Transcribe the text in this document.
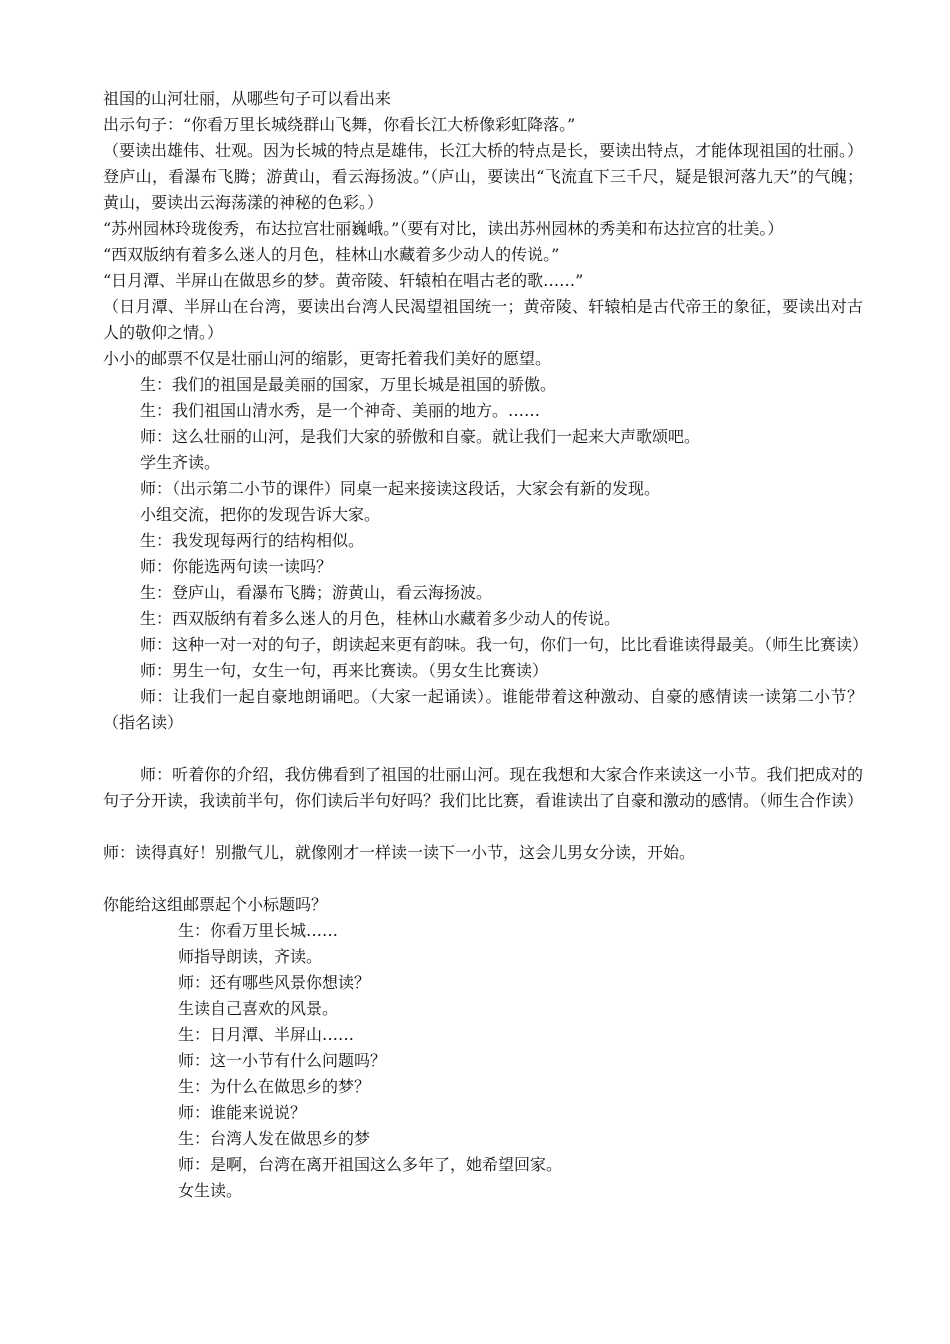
祖国的山河壮丽，从哪些句子可以看出来

出示句子：“你看万里长城绕群山飞舞，你看长江大桥像彩虹降落。”

（要读出雄伟、壮观。因为长城的特点是雄伟，长江大桥的特点是长，要读出特点，才能体现祖国的壮丽。）

登庐山，看瀑布飞腾；游黄山，看云海扬波。”（庐山，要读出“飞流直下三千尺，疑是银河落九天”的气魄；黄山，要读出云海荡漾的神秘的色彩。）

“苏州园林玲珑俊秀，布达拉宫壮丽巍峨。”（要有对比，读出苏州园林的秀美和布达拉宫的壮美。）

“西双版纳有着多么迷人的月色，桂林山水藏着多少动人的传说。”

“日月潭、半屏山在做思乡的梦。黄帝陵、轩辕柏在唱古老的歌……”

（日月潭、半屏山在台湾，要读出台湾人民渴望祖国统一；黄帝陵、轩辕柏是古代帝王的象征，要读出对古人的敬仰之情。）

小小的邮票不仅是壮丽山河的缩影，更寄托着我们美好的愿望。

生：我们的祖国是最美丽的国家，万里长城是祖国的骄傲。

生：我们祖国山清水秀，是一个神奇、美丽的地方。……

师：这么壮丽的山河，是我们大家的骄傲和自豪。就让我们一起来大声歌颂吧。

学生齐读。

师：（出示第二小节的课件）同桌一起来接读这段话，大家会有新的发现。

小组交流，把你的发现告诉大家。

生：我发现每两行的结构相似。

师：你能选两句读一读吗？

生：登庐山，看瀑布飞腾；游黄山，看云海扬波。

生：西双版纳有着多么迷人的月色，桂林山水藏着多少动人的传说。

师：这种一对一对的句子，朗读起来更有韵味。我一句，你们一句，比比看谁读得最美。（师生比赛读）

师：男生一句，女生一句，再来比赛读。（男女生比赛读）

师：让我们一起自豪地朗诵吧。（大家一起诵读）。谁能带着这种激动、自豪的感情读一读第二小节？（指名读）

师：听着你的介绍，我仿佛看到了祖国的壮丽山河。现在我想和大家合作来读这一小节。我们把成对的句子分开读，我读前半句，你们读后半句好吗？我们比比赛，看谁读出了自豪和激动的感情。（师生合作读）

师：读得真好！别撒气儿，就像刚才一样读一读下一小节，这会儿男女分读，开始。

你能给这组邮票起个小标题吗？

生：你看万里长城……

师指导朗读，齐读。

师：还有哪些风景你想读？

生读自己喜欢的风景。

生：日月潭、半屏山……

师：这一小节有什么问题吗？

生：为什么在做思乡的梦？

师：谁能来说说？

生：台湾人发在做思乡的梦

师：是啊，台湾在离开祖国这么多年了，她希望回家。

女生读。
